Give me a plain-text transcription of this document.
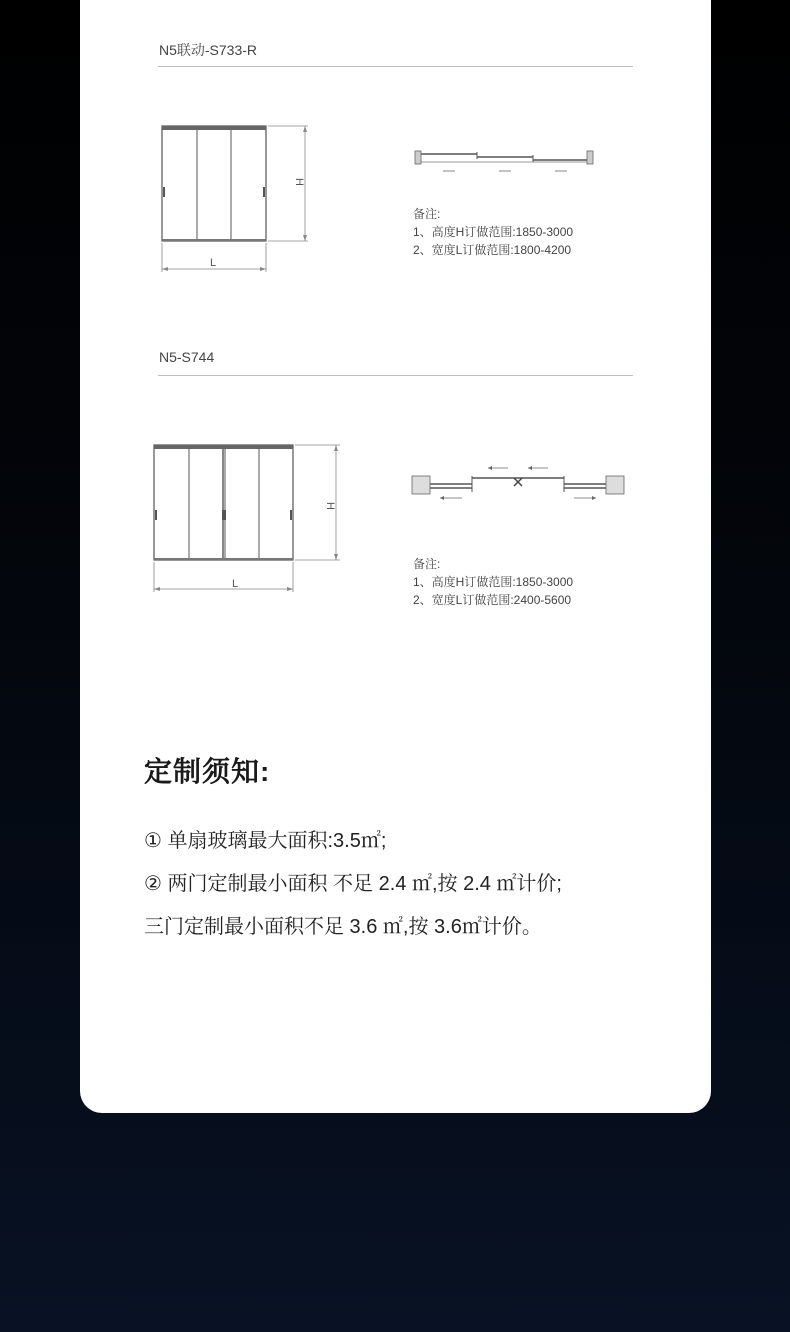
N5联动-S733-R
H
L
备注:
1、高度H订做范围:1850-3000
2、宽度L订做范围:1800-4200
N5-S744
H
L
备注:
1、高度H订做范围:1850-3000
2、宽度L订做范围:2400-5600
定制须知:
① 单扇玻璃最大面积:3.5㎡;
② 两门定制最小面积 不足 2.4 ㎡,按 2.4 ㎡计价;
三门定制最小面积不足 3.6 ㎡,按 3.6㎡计价。
